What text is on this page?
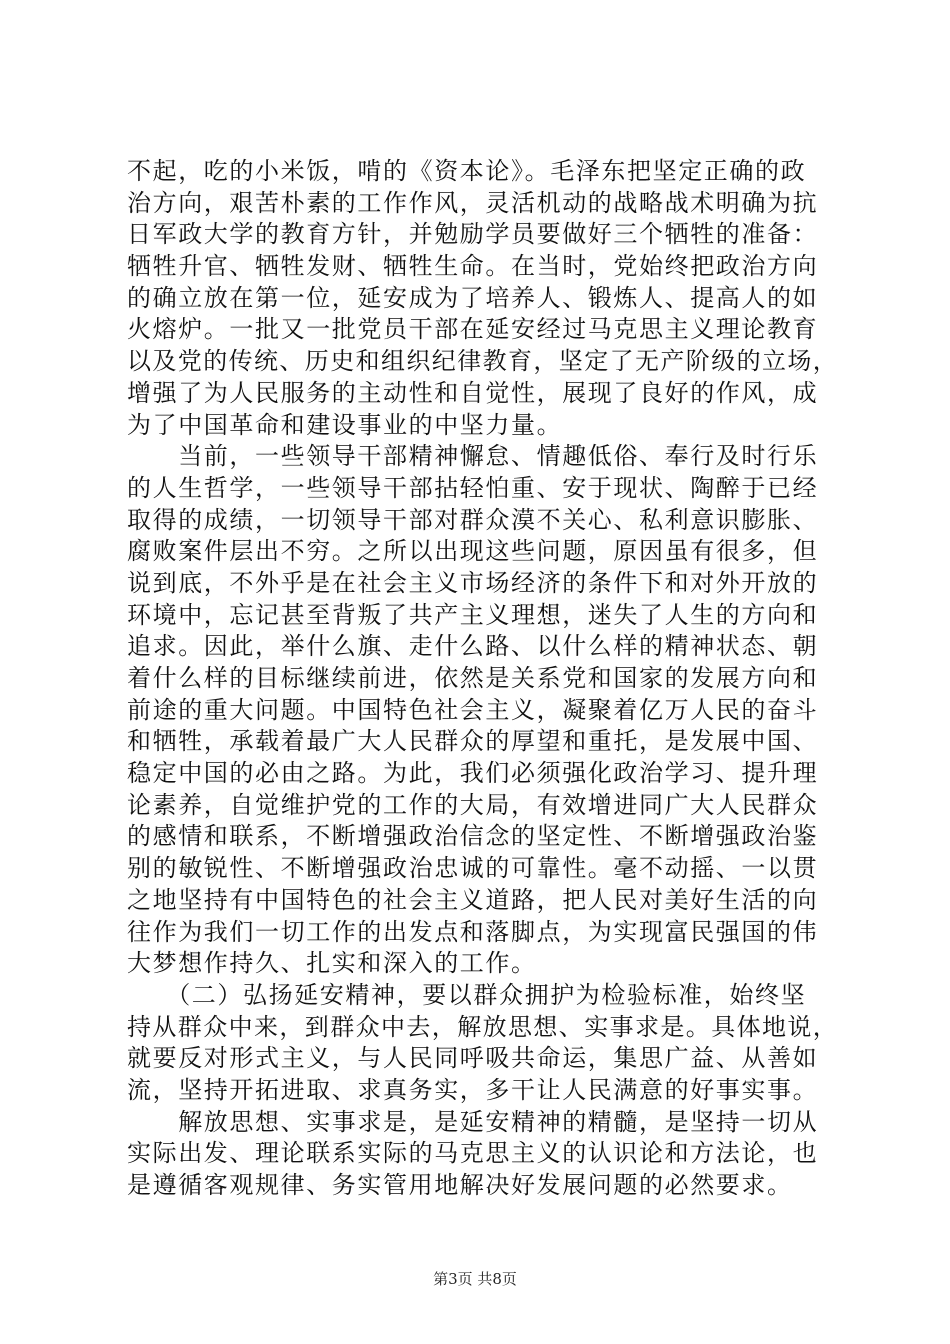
不起，吃的小米饭，啃的《资本论》。毛泽东把坚定正确的政
治方向，艰苦朴素的工作作风，灵活机动的战略战术明确为抗
日军政大学的教育方针，并勉励学员要做好三个牺牲的准备：
牺牲升官、牺牲发财、牺牲生命。在当时，党始终把政治方向
的确立放在第一位，延安成为了培养人、锻炼人、提高人的如
火熔炉。一批又一批党员干部在延安经过马克思主义理论教育
以及党的传统、历史和组织纪律教育，坚定了无产阶级的立场，
增强了为人民服务的主动性和自觉性，展现了良好的作风，成
为了中国革命和建设事业的中坚力量。
　　当前，一些领导干部精神懈怠、情趣低俗、奉行及时行乐
的人生哲学，一些领导干部拈轻怕重、安于现状、陶醉于已经
取得的成绩，一切领导干部对群众漠不关心、私利意识膨胀、
腐败案件层出不穷。之所以出现这些问题，原因虽有很多，但
说到底，不外乎是在社会主义市场经济的条件下和对外开放的
环境中，忘记甚至背叛了共产主义理想，迷失了人生的方向和
追求。因此，举什么旗、走什么路、以什么样的精神状态、朝
着什么样的目标继续前进，依然是关系党和国家的发展方向和
前途的重大问题。中国特色社会主义，凝聚着亿万人民的奋斗
和牺牲，承载着最广大人民群众的厚望和重托，是发展中国、
稳定中国的必由之路。为此，我们必须强化政治学习、提升理
论素养，自觉维护党的工作的大局，有效增进同广大人民群众
的感情和联系，不断增强政治信念的坚定性、不断增强政治鉴
别的敏锐性、不断增强政治忠诚的可靠性。毫不动摇、一以贯
之地坚持有中国特色的社会主义道路，把人民对美好生活的向
往作为我们一切工作的出发点和落脚点，为实现富民强国的伟
大梦想作持久、扎实和深入的工作。
　　（二）弘扬延安精神，要以群众拥护为检验标准，始终坚
持从群众中来，到群众中去，解放思想、实事求是。具体地说，
就要反对形式主义，与人民同呼吸共命运，集思广益、从善如
流，坚持开拓进取、求真务实，多干让人民满意的好事实事。
　　解放思想、实事求是，是延安精神的精髓，是坚持一切从
实际出发、理论联系实际的马克思主义的认识论和方法论，也
是遵循客观规律、务实管用地解决好发展问题的必然要求。
第3页 共8页
